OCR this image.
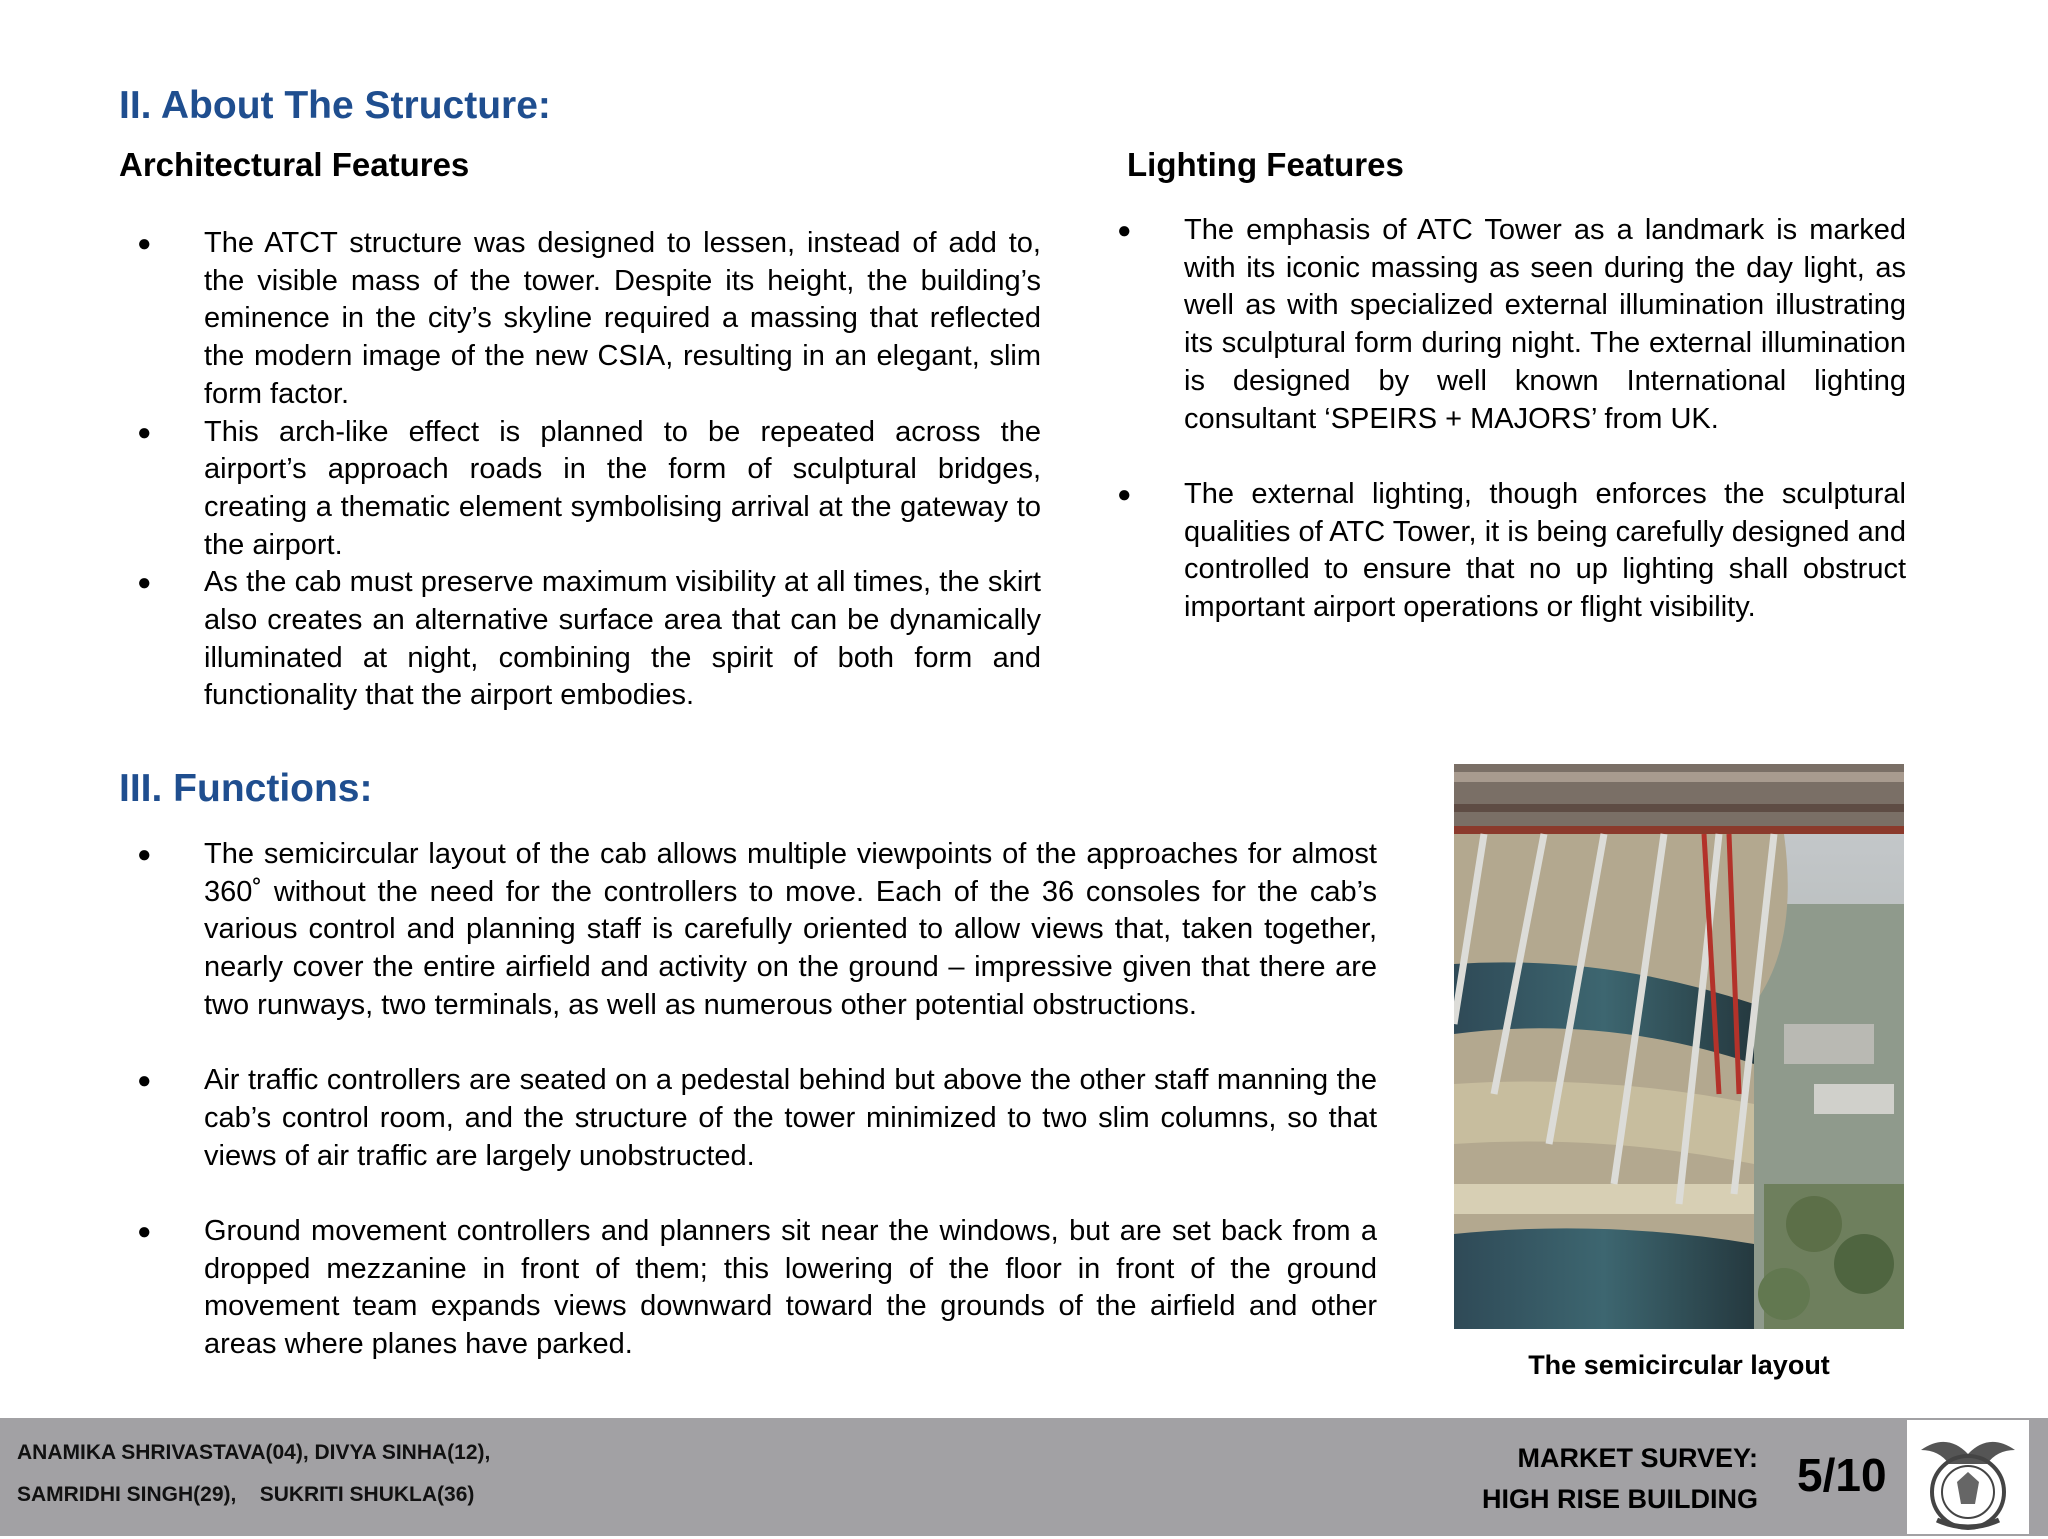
II. About The Structure:
Architectural Features	Lighting Features
● The ATCT structure was designed to lessen, instead of add to, the visible mass of the tower. Despite its height, the building’s eminence in the city’s skyline required a massing that reflected the modern image of the new CSIA, resulting in an elegant, slim form factor.
● This arch-like effect is planned to be repeated across the airport’s approach roads in the form of sculptural bridges, creating a thematic element symbolising arrival at the gateway to the airport.
● As the cab must preserve maximum visibility at all times, the skirt also creates an alternative surface area that can be dynamically illuminated at night, combining the spirit of both form and functionality that the airport embodies.
● The emphasis of ATC Tower as a landmark is marked with its iconic massing as seen during the day light, as well as with specialized external illumination illustrating its sculptural form during night. The external illumination is designed by well known International lighting consultant ‘SPEIRS + MAJORS’ from UK.
● The external lighting, though enforces the sculptural qualities of ATC Tower, it is being carefully designed and controlled to ensure that no up lighting shall obstruct important airport operations or flight visibility.
III. Functions:
● The semicircular layout of the cab allows multiple viewpoints of the approaches for almost 360˚ without the need for the controllers to move. Each of the 36 consoles for the cab’s various control and planning staff is carefully oriented to allow views that, taken together, nearly cover the entire airfield and activity on the ground – impressive given that there are two runways, two terminals, as well as numerous other potential obstructions.
● Air traffic controllers are seated on a pedestal behind but above the other staff manning the cab’s control room, and the structure of the tower minimized to two slim columns, so that views of air traffic are largely unobstructed.
● Ground movement controllers and planners sit near the windows, but are set back from a dropped mezzanine in front of them; this lowering of the floor in front of the ground movement team expands views downward toward the grounds of the airfield and other areas where planes have parked.
The semicircular layout
ANAMIKA SHRIVASTAVA(04), DIVYA SINHA(12),
SAMRIDHI SINGH(29),    SUKRITI SHUKLA(36)
MARKET SURVEY:
HIGH RISE BUILDING 5/10
